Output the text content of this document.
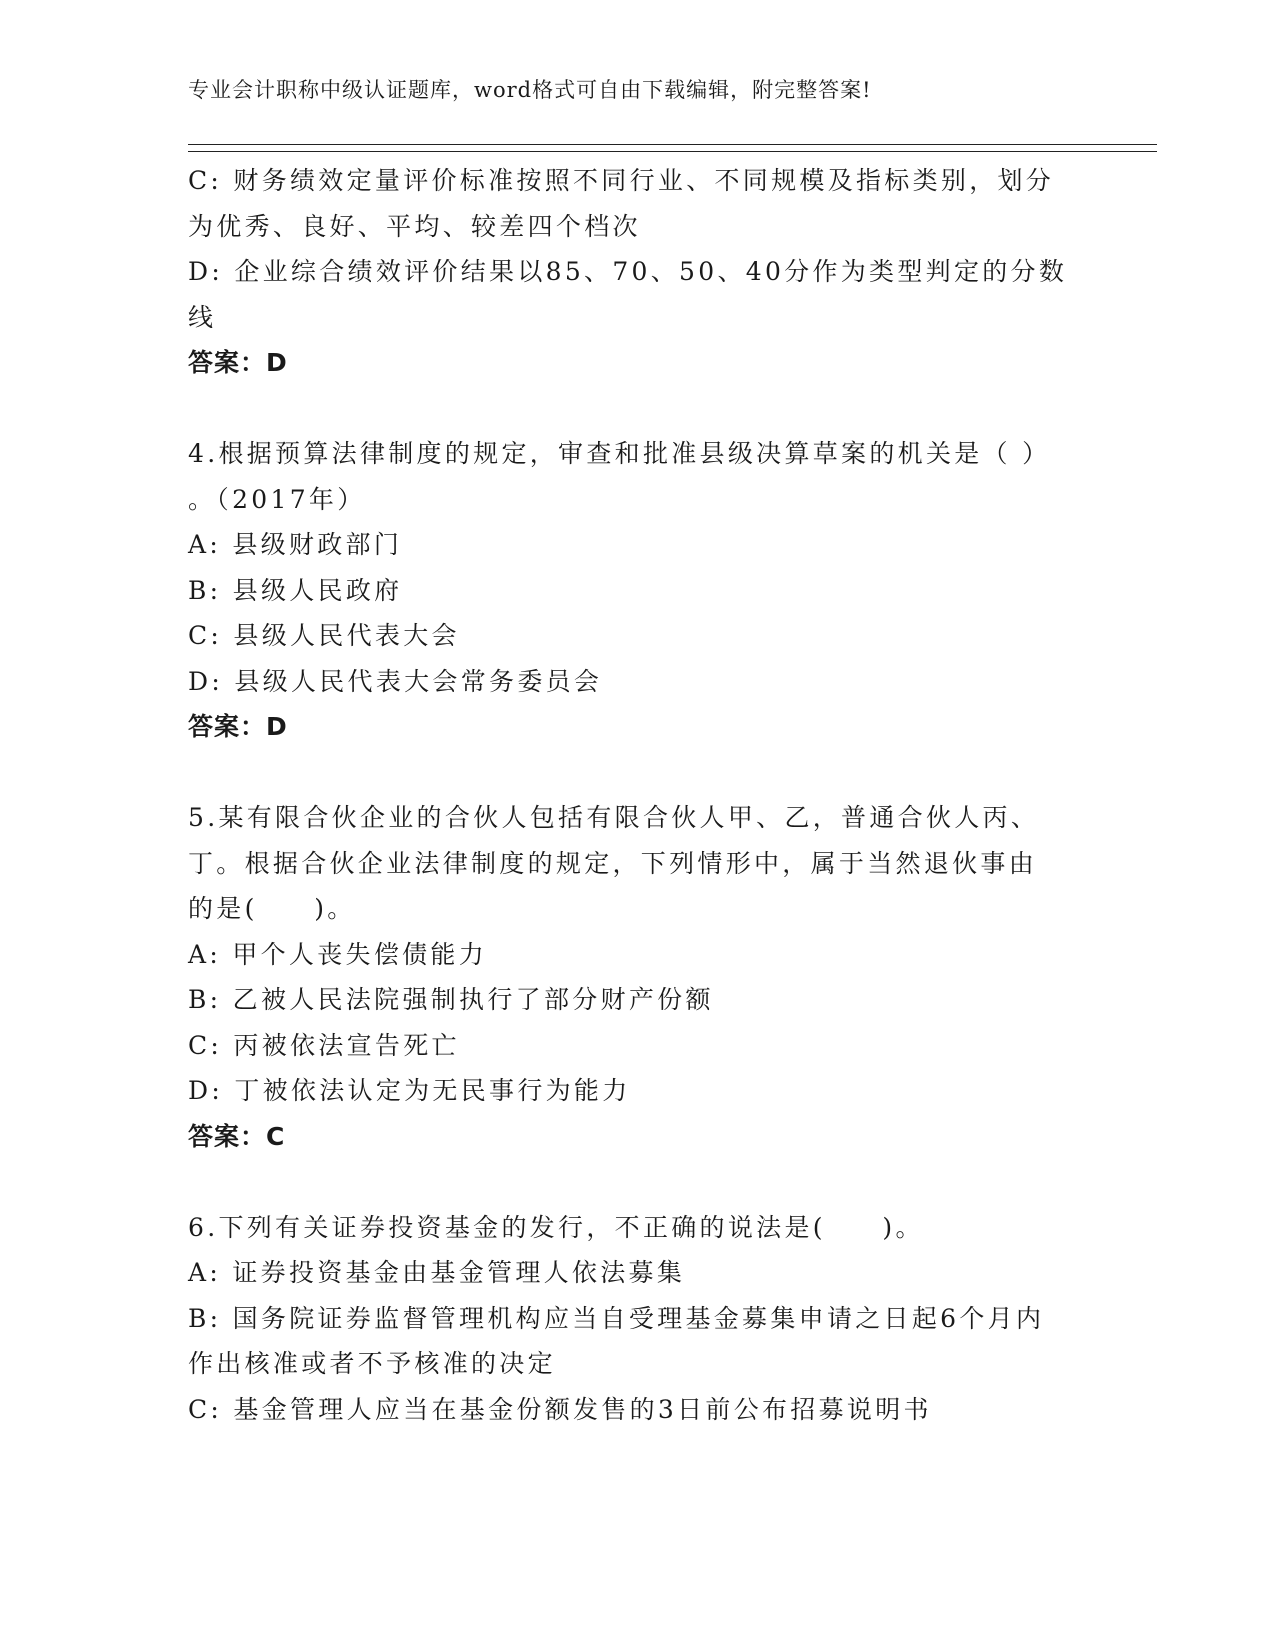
专业会计职称中级认证题库，word格式可自由下载编辑，附完整答案!
C: 财务绩效定量评价标准按照不同行业、不同规模及指标类别，划分
为优秀、良好、平均、较差四个档次
D: 企业综合绩效评价结果以85、70、50、40分作为类型判定的分数
线
答案：D
4.根据预算法律制度的规定，审查和批准县级决算草案的机关是（ ）
。（2017年）
A: 县级财政部门
B: 县级人民政府
C: 县级人民代表大会
D: 县级人民代表大会常务委员会
答案：D
5.某有限合伙企业的合伙人包括有限合伙人甲、乙，普通合伙人丙、
丁。根据合伙企业法律制度的规定，下列情形中，属于当然退伙事由
的是(　　)。
A: 甲个人丧失偿债能力
B: 乙被人民法院强制执行了部分财产份额
C: 丙被依法宣告死亡
D: 丁被依法认定为无民事行为能力
答案：C
6.下列有关证券投资基金的发行，不正确的说法是(　　)。
A: 证券投资基金由基金管理人依法募集
B: 国务院证券监督管理机构应当自受理基金募集申请之日起6个月内
作出核准或者不予核准的决定
C: 基金管理人应当在基金份额发售的3日前公布招募说明书
